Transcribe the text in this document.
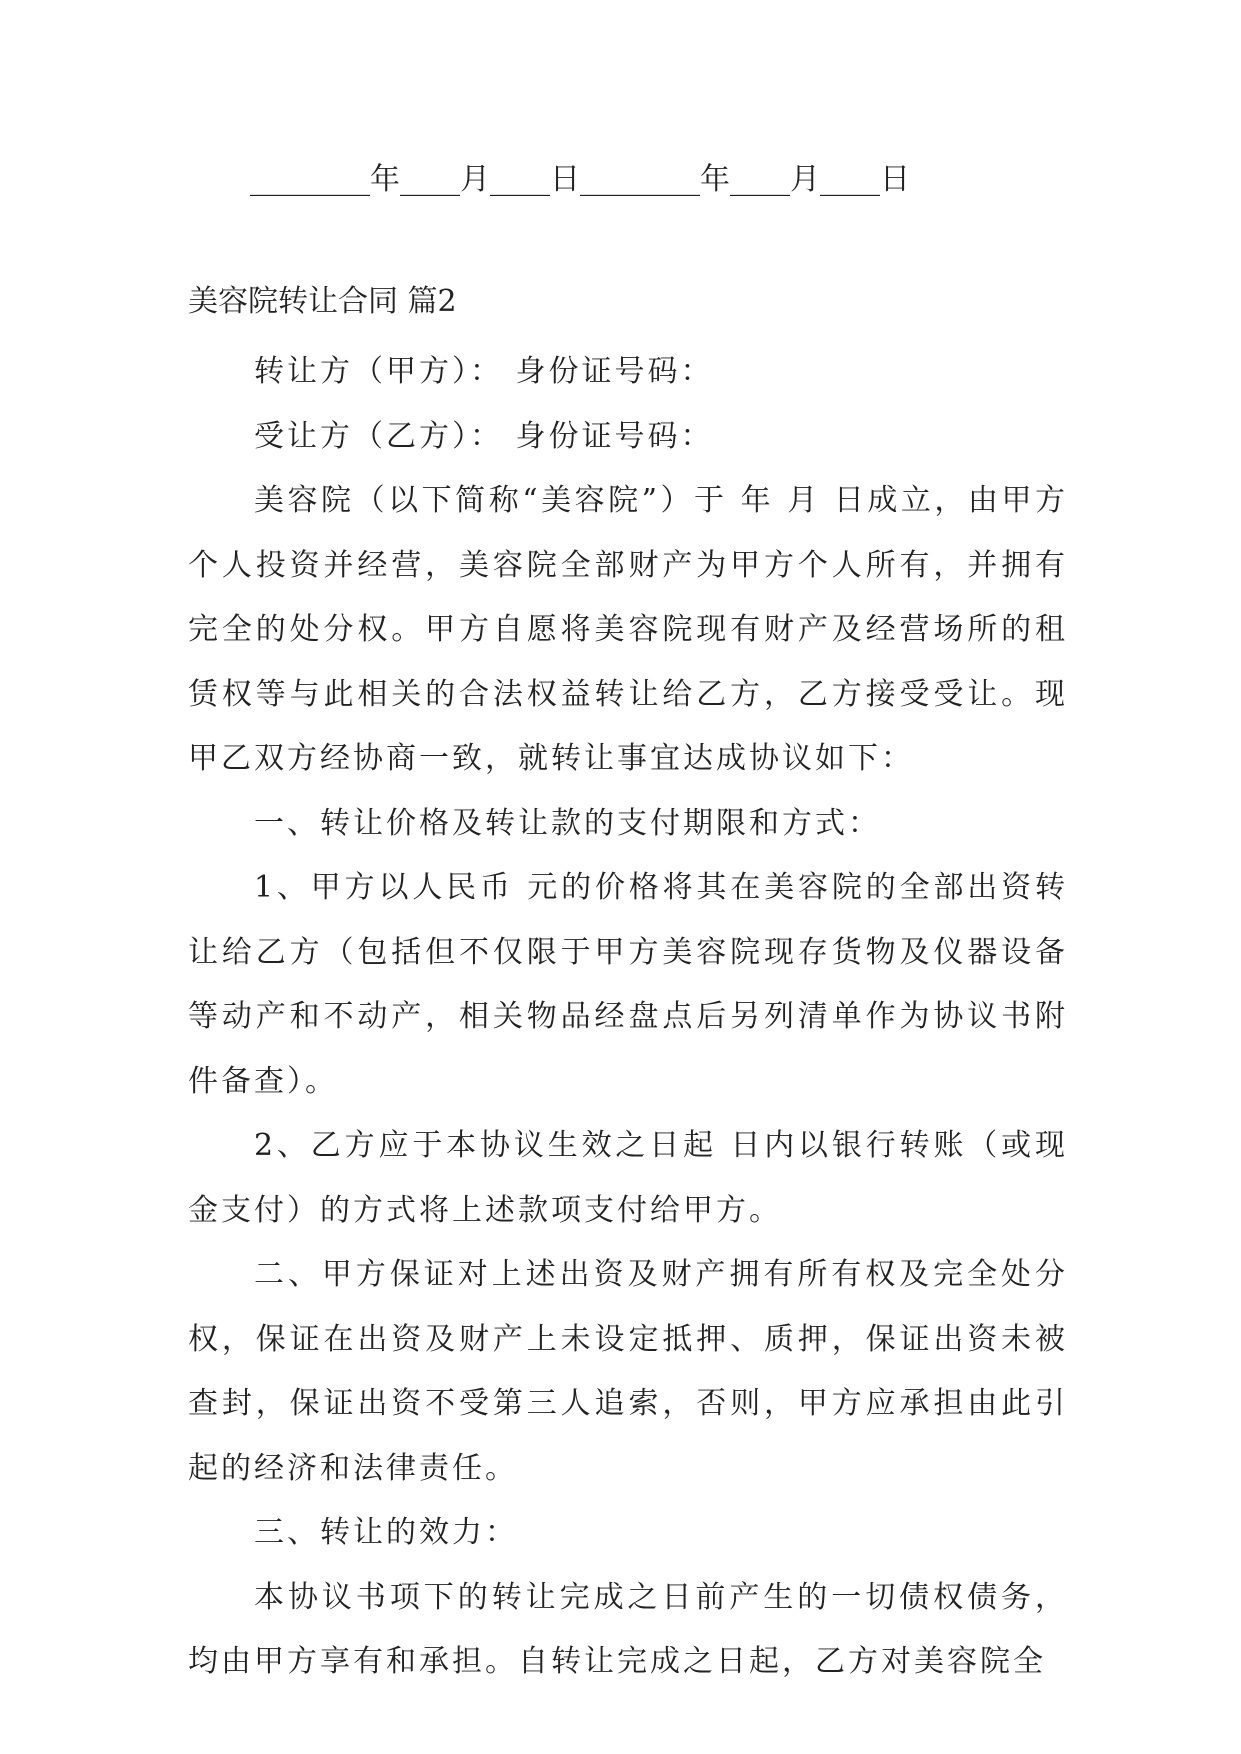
________年____月____日________年____月____日
美容院转让合同 篇2

转让方（甲方）： 身份证号码：

受让方（乙方）： 身份证号码：

美容院（以下简称“美容院”）于 年 月 日成立，由甲方个人投资并经营，美容院全部财产为甲方个人所有，并拥有完全的处分权。甲方自愿将美容院现有财产及经营场所的租赁权等与此相关的合法权益转让给乙方，乙方接受受让。现甲乙双方经协商一致，就转让事宜达成协议如下：

一、转让价格及转让款的支付期限和方式：

1、甲方以人民币 元的价格将其在美容院的全部出资转让给乙方（包括但不仅限于甲方美容院现存货物及仪器设备等动产和不动产，相关物品经盘点后另列清单作为协议书附件备查）。

2、乙方应于本协议生效之日起 日内以银行转账（或现金支付）的方式将上述款项支付给甲方。

二、甲方保证对上述出资及财产拥有所有权及完全处分权，保证在出资及财产上未设定抵押、质押，保证出资未被查封，保证出资不受第三人追索，否则，甲方应承担由此引起的经济和法律责任。

三、转让的效力：

本协议书项下的转让完成之日前产生的一切债权债务，均由甲方享有和承担。自转让完成之日起，乙方对美容院全
